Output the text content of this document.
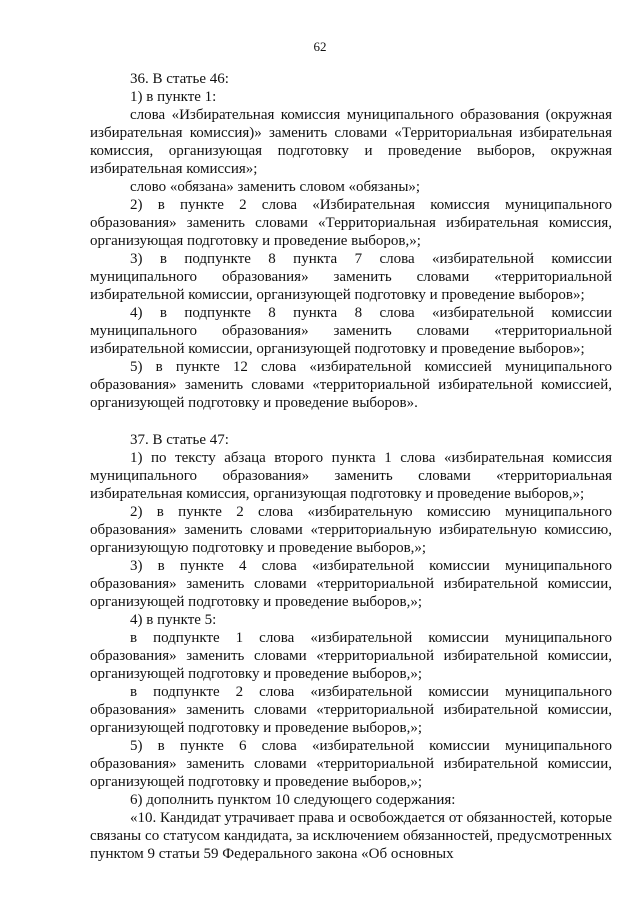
62

36. В статье 46:

1) в пункте 1:

слова «Избирательная комиссия муниципального образования (окружная избирательная комиссия)» заменить словами «Территориальная избирательная комиссия, организующая подготовку и проведение выборов, окружная избирательная комиссия»;

слово «обязана» заменить словом «обязаны»;

2) в пункте 2 слова «Избирательная комиссия муниципального образования» заменить словами «Территориальная избирательная комиссия, организующая подготовку и проведение выборов,»;

3) в подпункте 8 пункта 7 слова «избирательной комиссии муниципального образования» заменить словами «территориальной избирательной комиссии, организующей подготовку и проведение выборов»;

4) в подпункте 8 пункта 8 слова «избирательной комиссии муниципального образования» заменить словами «территориальной избирательной комиссии, организующей подготовку и проведение выборов»;

5) в пункте 12 слова «избирательной комиссией муниципального образования» заменить словами «территориальной избирательной комиссией, организующей подготовку и проведение выборов».

37. В статье 47:

1) по тексту абзаца второго пункта 1 слова «избирательная комиссия муниципального образования» заменить словами «территориальная избирательная комиссия, организующая подготовку и проведение выборов,»;

2) в пункте 2 слова «избирательную комиссию муниципального образования» заменить словами «территориальную избирательную комиссию, организующую подготовку и проведение выборов,»;

3) в пункте 4 слова «избирательной комиссии муниципального образования» заменить словами «территориальной избирательной комиссии, организующей подготовку и проведение выборов,»;

4) в пункте 5:

в подпункте 1 слова «избирательной комиссии муниципального образования» заменить словами «территориальной избирательной комиссии, организующей подготовку и проведение выборов,»;

в подпункте 2 слова «избирательной комиссии муниципального образования» заменить словами «территориальной избирательной комиссии, организующей подготовку и проведение выборов,»;

5) в пункте 6 слова «избирательной комиссии муниципального образования» заменить словами «территориальной избирательной комиссии, организующей подготовку и проведение выборов,»;

6) дополнить пунктом 10 следующего содержания:

«10. Кандидат утрачивает права и освобождается от обязанностей, которые связаны со статусом кандидата, за исключением обязанностей, предусмотренных пунктом 9 статьи 59 Федерального закона «Об основных
